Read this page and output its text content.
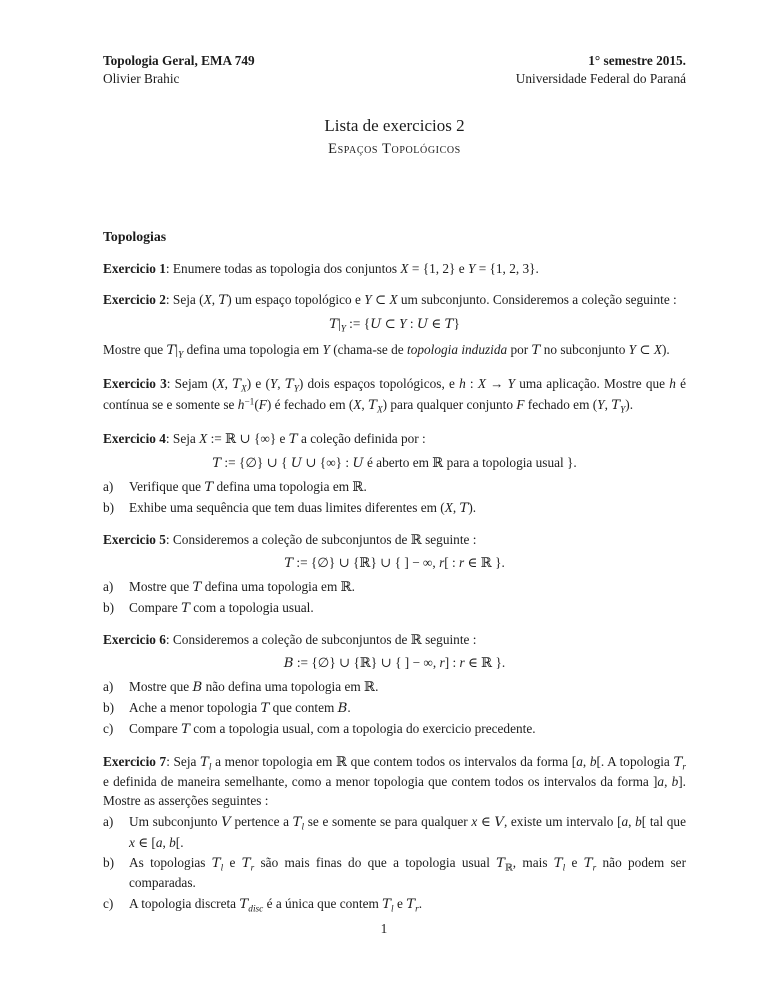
Topologia Geral, EMA 749
Olivier Brahic
1° semestre 2015.
Universidade Federal do Paraná
Lista de exercicios 2
Espaços Topológicos
Topologias

Exercicio 1: Enumere todas as topologia dos conjuntos X = {1, 2} e Y = {1, 2, 3}.

Exercicio 2: Seja (X, T) um espaço topológico e Y ⊂ X um subconjunto. Consideremos a coleção seguinte :

$T|_Y$ := {U ⊂ Y : U ∈ T}

Mostre que $T|_Y$ defina uma topologia em Y (chama-se de topologia induzida por T no subconjunto Y ⊂ X).

Exercicio 3: Sejam (X, $T_X$) e (Y, $T_Y$) dois espaços topológicos, e h : X → Y uma aplicação. Mostre que h é contínua se e somente se $h^{-1}(F)$ é fechado em (X, $T_X$) para qualquer conjunto F fechado em (Y, $T_Y$).

Exercicio 4: Seja X := ℝ ∪ {∞} e T a coleção definida por :

T := {∅} ∪ { U ∪ {∞} : U é aberto em ℝ para a topologia usual }.
a)	Verifique que T defina uma topologia em ℝ.
b)	Exhibe uma sequência que tem duas limites diferentes em (X, T).

Exercicio 5: Consideremos a coleção de subconjuntos de ℝ seguinte :

T := {∅} ∪ {ℝ} ∪ { ] − ∞, r[ : r ∈ ℝ }.
a)	Mostre que T defina uma topologia em ℝ.
b)	Compare T com a topologia usual.

Exercicio 6: Consideremos a coleção de subconjuntos de ℝ seguinte :

B := {∅} ∪ {ℝ} ∪ { ] − ∞, r] : r ∈ ℝ }.
a)	Mostre que B não defina uma topologia em ℝ.
b)	Ache a menor topologia T que contem B.
c)	Compare T com a topologia usual, com a topologia do exercicio precedente.

Exercicio 7: Seja $T_l$ a menor topologia em ℝ que contem todos os intervalos da forma [a, b[. A topologia $T_r$ e definida de maneira semelhante, como a menor topologia que contem todos os intervalos da forma ]a, b]. Mostre as asserções seguintes :

a)	Um subconjunto V pertence a $T_l$ se e somente se para qualquer x ∈ V, existe um intervalo [a, b[ tal que x ∈ [a, b[.
b)	As topologias $T_l$ e $T_r$ são mais finas do que a topologia usual $T_ℝ$, mais $T_l$ e $T_r$ não podem ser comparadas.
c)	A topologia discreta $T_{disc}$ é a única que contem $T_l$ e $T_r$.
1
